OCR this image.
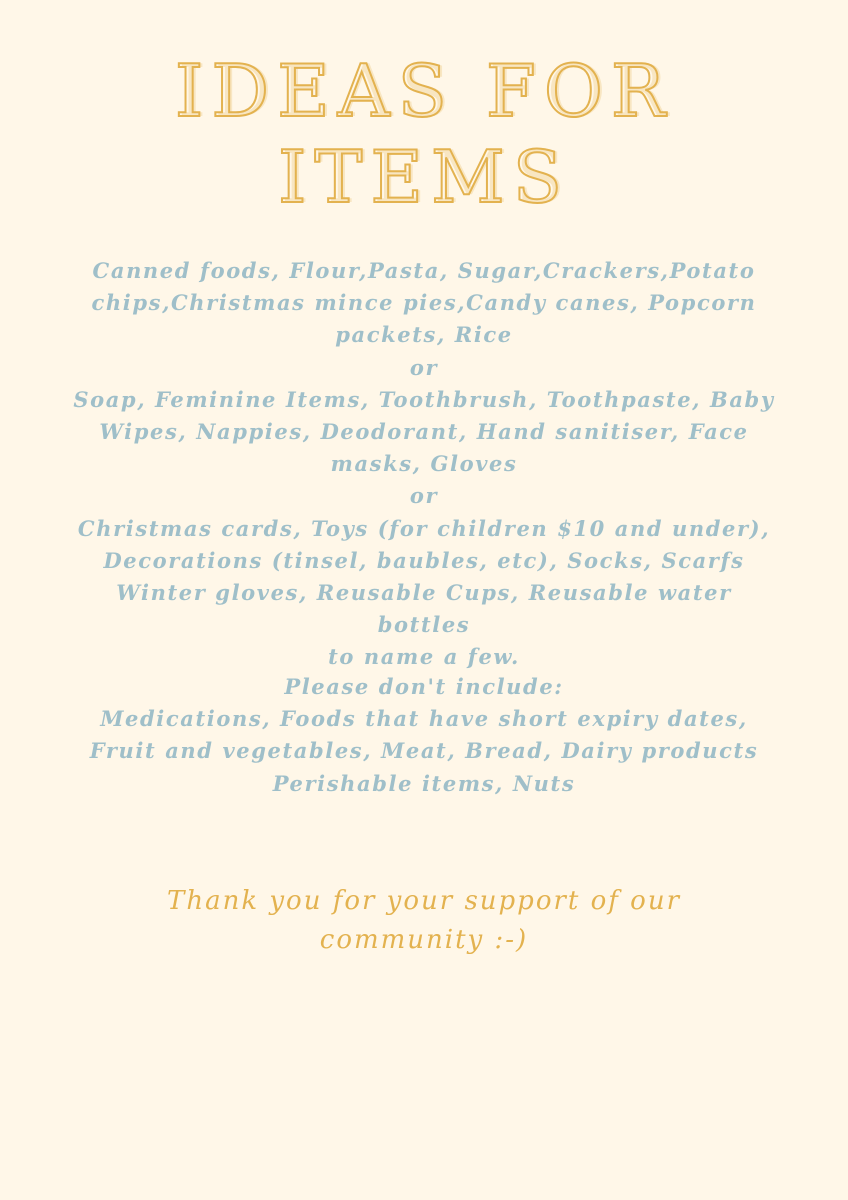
IDEAS FOR
ITEMS

Canned foods, Flour,Pasta, Sugar,Crackers,Potato

chips,Christmas mince pies,Candy canes, Popcorn

packets, Rice

or

Soap, Feminine Items, Toothbrush, Toothpaste, Baby

Wipes, Nappies, Deodorant, Hand sanitiser, Face

masks, Gloves

or

Christmas cards, Toys (for children $10 and under),

Decorations (tinsel, baubles, etc), Socks, Scarfs

Winter gloves, Reusable Cups, Reusable water bottles

to name a few.

Please don't include:

Medications, Foods that have short expiry dates,

Fruit and vegetables, Meat, Bread, Dairy products

Perishable items, Nuts

Thank you for your support of our

community :-)
